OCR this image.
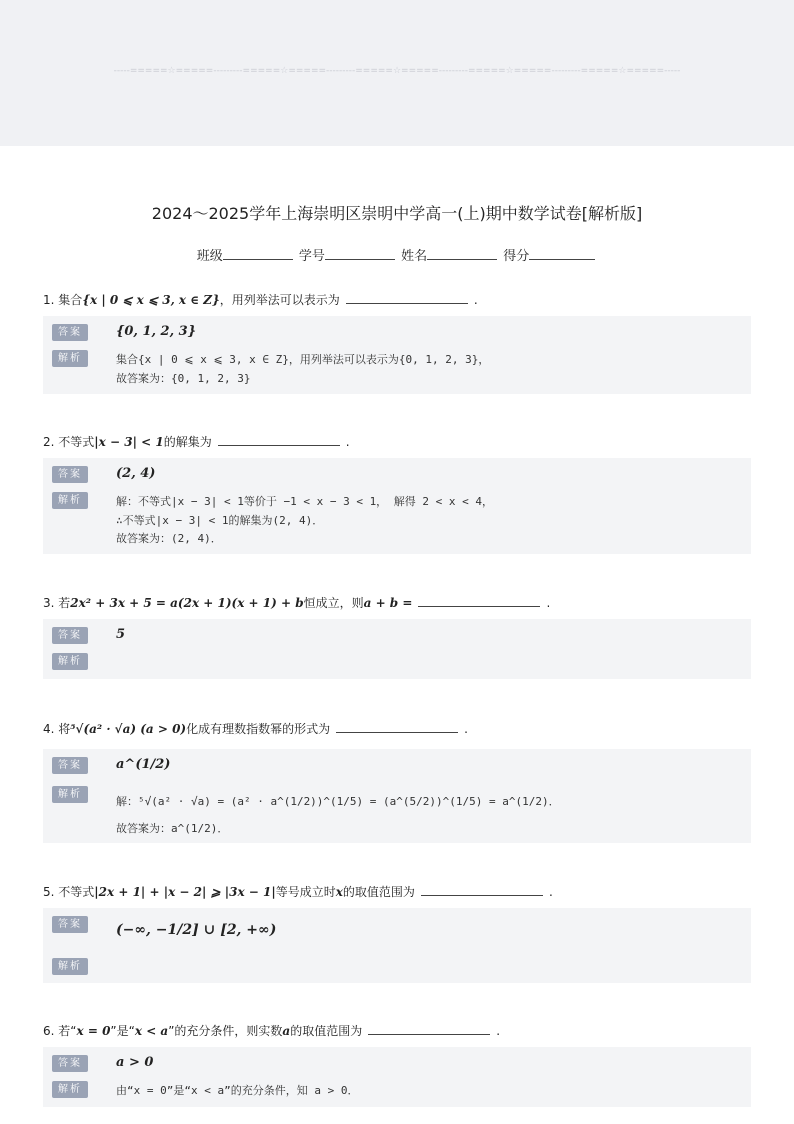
-----=====☆=====---------=====☆=====---------=====☆=====---------=====☆=====---------=====☆=====-----
2024～2025学年上海崇明区崇明中学高一(上)期中数学试卷[解析版]
班级	学号	姓名	得分
1. 集合{x | 0 ⩽ x ⩽ 3, x ∈ Z}，用列举法可以表示为	.
答案	{0, 1, 2, 3}
解析	集合{x | 0 ⩽ x ⩽ 3, x ∈ Z}，用列举法可以表示为{0, 1, 2, 3}，
故答案为：{0, 1, 2, 3}
2. 不等式|x − 3| < 1的解集为	.
答案	(2, 4)
解析	解：不等式|x − 3| < 1等价于 −1 < x − 3 < 1， 解得 2 < x < 4，
∴不等式|x − 3| < 1的解集为(2, 4)．
故答案为：(2, 4)．
3. 若2x² + 3x + 5 = a(2x + 1)(x + 1) + b恒成立，则a + b =	.
答案	5
解析
4. 将⁵√(a² · √a) (a > 0)化成有理数指数幂的形式为	.
答案	a^(1/2)
解析
解：⁵√(a² · √a) = (a² · a^(1/2))^(1/5) = (a^(5/2))^(1/5) = a^(1/2)．
故答案为：a^(1/2)．
5. 不等式|2x + 1| + |x − 2| ⩾ |3x − 1|等号成立时x的取值范围为	.
答案	(−∞, −1/2] ∪ [2, +∞)
解析
6. 若“x = 0”是“x < a”的充分条件，则实数a的取值范围为	.
答案	a > 0
解析	由“x = 0”是“x < a”的充分条件，知 a > 0．
